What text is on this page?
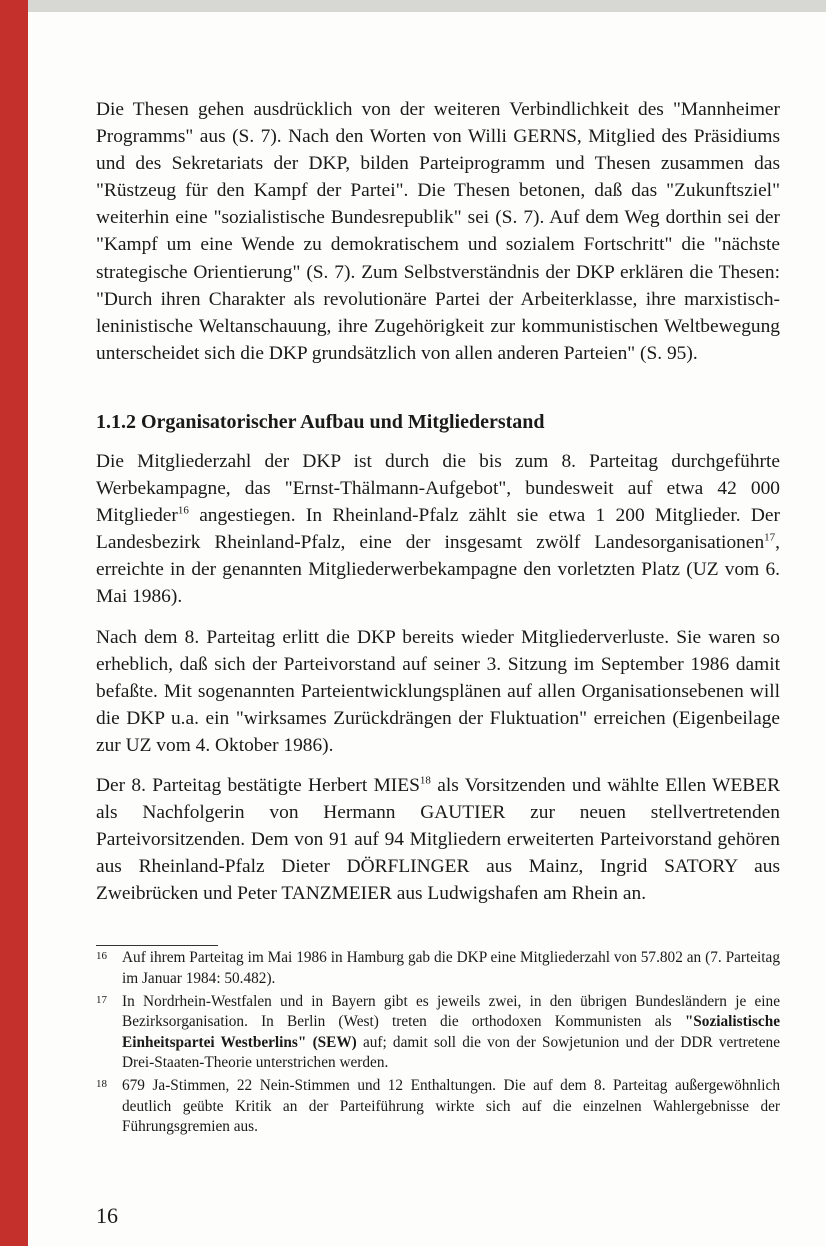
Die Thesen gehen ausdrücklich von der weiteren Verbindlichkeit des "Mannheimer Programms" aus (S. 7). Nach den Worten von Willi GERNS, Mitglied des Präsidiums und des Sekretariats der DKP, bilden Parteiprogramm und Thesen zusammen das "Rüstzeug für den Kampf der Partei". Die Thesen betonen, daß das "Zukunftsziel" weiterhin eine "sozialistische Bundesrepublik" sei (S. 7). Auf dem Weg dorthin sei der "Kampf um eine Wende zu demokratischem und sozialem Fortschritt" die "nächste strategische Orientierung" (S. 7). Zum Selbstverständnis der DKP erklären die Thesen: "Durch ihren Charakter als revolutionäre Partei der Arbeiterklasse, ihre marxistisch-leninistische Weltanschauung, ihre Zugehörigkeit zur kommunistischen Weltbewegung unterscheidet sich die DKP grundsätzlich von allen anderen Parteien" (S. 95).

1.1.2 Organisatorischer Aufbau und Mitgliederstand

Die Mitgliederzahl der DKP ist durch die bis zum 8. Parteitag durchgeführte Werbekampagne, das "Ernst-Thälmann-Aufgebot", bundesweit auf etwa 42 000 Mitglieder$^{16}$ angestiegen. In Rheinland-Pfalz zählt sie etwa 1 200 Mitglieder. Der Landesbezirk Rheinland-Pfalz, eine der insgesamt zwölf Landesorganisationen$^{17}$, erreichte in der genannten Mitgliederwerbekampagne den vorletzten Platz (UZ vom 6. Mai 1986).

Nach dem 8. Parteitag erlitt die DKP bereits wieder Mitgliederverluste. Sie waren so erheblich, daß sich der Parteivorstand auf seiner 3. Sitzung im September 1986 damit befaßte. Mit sogenannten Parteientwicklungsplänen auf allen Organisationsebenen will die DKP u.a. ein "wirksames Zurückdrängen der Fluktuation" erreichen (Eigenbeilage zur UZ vom 4. Oktober 1986).

Der 8. Parteitag bestätigte Herbert MIES$^{18}$ als Vorsitzenden und wählte Ellen WEBER als Nachfolgerin von Hermann GAUTIER zur neuen stellvertretenden Parteivorsitzenden. Dem von 91 auf 94 Mitgliedern erweiterten Parteivorstand gehören aus Rheinland-Pfalz Dieter DÖRFLINGER aus Mainz, Ingrid SATORY aus Zweibrücken und Peter TANZMEIER aus Ludwigshafen am Rhein an.

16 Auf ihrem Parteitag im Mai 1986 in Hamburg gab die DKP eine Mitgliederzahl von 57.802 an (7. Parteitag im Januar 1984: 50.482).

17 In Nordrhein-Westfalen und in Bayern gibt es jeweils zwei, in den übrigen Bundesländern je eine Bezirksorganisation. In Berlin (West) treten die orthodoxen Kommunisten als "Sozialistische Einheitspartei Westberlins" (SEW) auf; damit soll die von der Sowjetunion und der DDR vertretene Drei-Staaten-Theorie unterstrichen werden.

18 679 Ja-Stimmen, 22 Nein-Stimmen und 12 Enthaltungen. Die auf dem 8. Parteitag außergewöhnlich deutlich geübte Kritik an der Parteiführung wirkte sich auf die einzelnen Wahlergebnisse der Führungsgremien aus.

16
